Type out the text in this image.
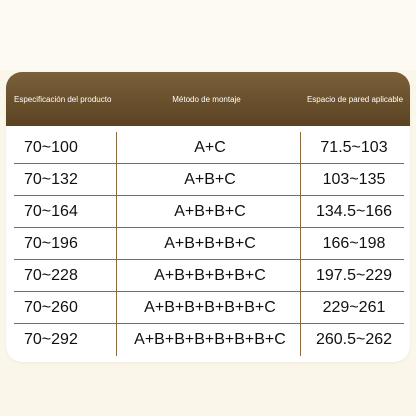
Especificación del producto	Método de montaje	Espacio de pared aplicable
70~100	A+C	71.5~103
70~132	A+B+C	103~135
70~164	A+B+B+C	134.5~166
70~196	A+B+B+B+C	166~198
70~228	A+B+B+B+B+C	197.5~229
70~260	A+B+B+B+B+B+C	229~261
70~292	A+B+B+B+B+B+B+C	260.5~262
